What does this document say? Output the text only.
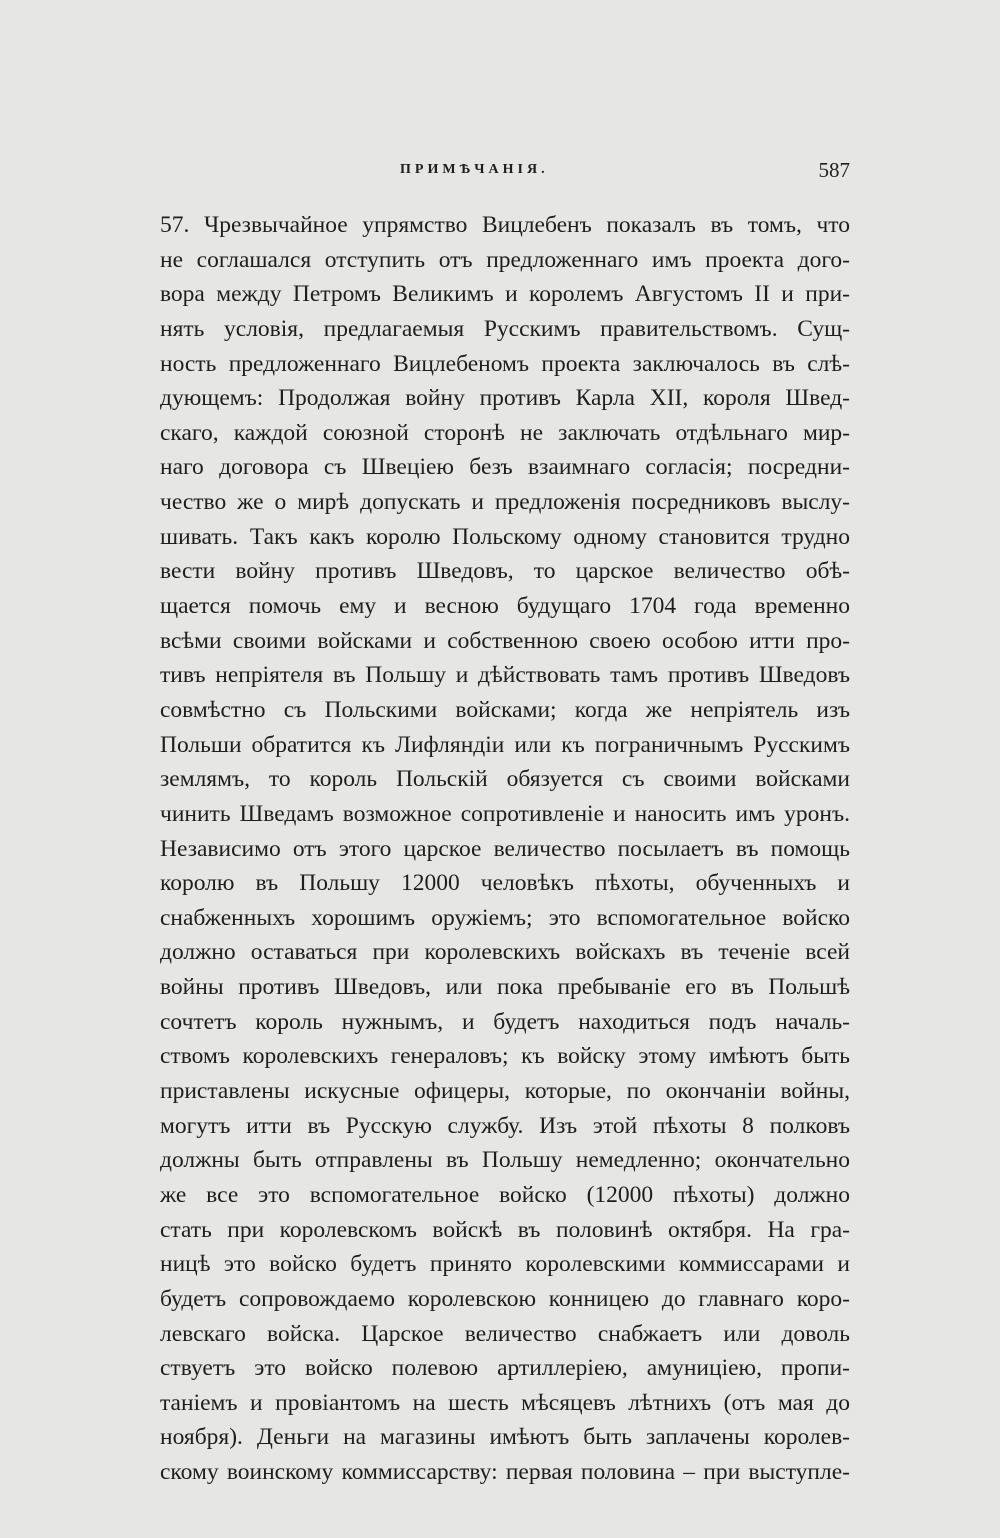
ПРИМѢЧАНІЯ.	587
57. Чрезвычайное упрямство Вицлебенъ показалъ въ томъ, что
не соглашался отступить отъ предложеннаго имъ проекта дого-
вора между Петромъ Великимъ и королемъ Августомъ II и при-
нять условія, предлагаемыя Русскимъ правительствомъ. Сущ-
ность предложеннаго Вицлебеномъ проекта заключалось въ слѣ-
дующемъ: Продолжая войну противъ Карла XII, короля Швед-
скаго, каждой союзной сторонѣ не заключать отдѣльнаго мир-
наго договора съ Швеціею безъ взаимнаго согласія; посредни-
чество же о мирѣ допускать и предложенія посредниковъ выслу-
шивать. Такъ какъ королю Польскому одному становится трудно
вести войну противъ Шведовъ, то царское величество обѣ-
щается помочь ему и весною будущаго 1704 года временно
всѣми своими войсками и собственною своею особою итти про-
тивъ непріятеля въ Польшу и дѣйствовать тамъ противъ Шведовъ
совмѣстно съ Польскими войсками; когда же непріятель изъ
Польши обратится къ Лифляндіи или къ пограничнымъ Русскимъ
землямъ, то король Польскій обязуется съ своими войсками
чинить Шведамъ возможное сопротивленіе и наносить имъ уронъ.
Независимо отъ этого царское величество посылаетъ въ помощь
королю въ Польшу 12000 человѣкъ пѣхоты, обученныхъ и
снабженныхъ хорошимъ оружіемъ; это вспомогательное войско
должно оставаться при королевскихъ войскахъ въ теченіе всей
войны противъ Шведовъ, или пока пребываніе его въ Польшѣ
сочтетъ король нужнымъ, и будетъ находиться подъ началь-
ствомъ королевскихъ генераловъ; къ войску этому имѣютъ быть
приставлены искусные офицеры, которые, по окончаніи войны,
могутъ итти въ Русскую службу. Изъ этой пѣхоты 8 полковъ
должны быть отправлены въ Польшу немедленно; окончательно
же все это вспомогательное войско (12000 пѣхоты) должно
стать при королевскомъ войскѣ въ половинѣ октября. На гра-
ницѣ это войско будетъ принято королевскими коммиссарами и
будетъ сопровождаемо королевскою конницею до главнаго коро-
левскаго войска. Царское величество снабжаетъ или доволь
ствуетъ это войско полевою артиллеріею, амуниціею, пропи-
таніемъ и провіантомъ на шесть мѣсяцевъ лѣтнихъ (отъ мая до
ноября). Деньги на магазины имѣютъ быть заплачены королев-
скому воинскому коммиссарству: первая половина – при выступле-
